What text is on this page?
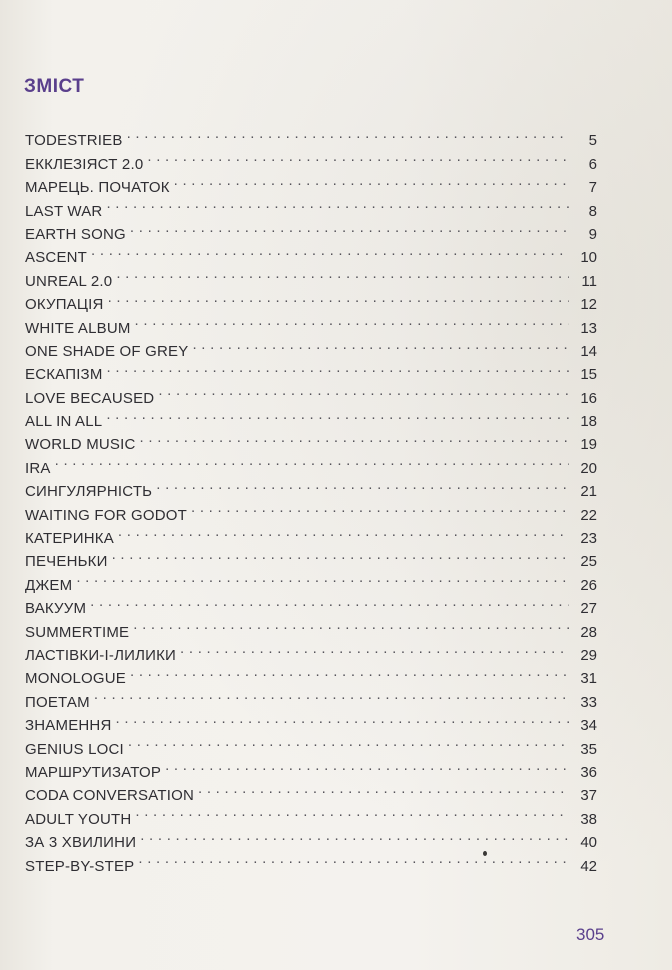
ЗМІСТ
TODESTRIEB . . .	5
ЕККЛЕЗІЯСТ 2.0 . . .	6
МАРЕЦЬ. ПОЧАТОК . . .	7
LAST WAR . . .	8
EARTH SONG . . .	9
ASCENT . . .	10
UNREAL 2.0 . . .	11
ОКУПАЦІЯ . . .	12
WHITE ALBUM . . .	13
ONE SHADE OF GREY . . .	14
ЕСКАПІЗМ . . .	15
LOVE BECAUSED . . .	16
ALL IN ALL . . .	18
WORLD MUSIC . . .	19
IRA . . .	20
СИНГУЛЯРНІСТЬ . . .	21
WAITING FOR GODOT . . .	22
КАТЕРИНКА . . .	23
ПЕЧЕНЬКИ . . .	25
ДЖЕМ . . .	26
ВАКУУМ . . .	27
SUMMERTIME . . .	28
ЛАСТІВКИ-І-ЛИЛИКИ . . .	29
MONOLOGUE . . .	31
ПОЕТАМ . . .	33
ЗНАМЕННЯ . . .	34
GENIUS LOCI . . .	35
МАРШРУТИЗАТОР . . .	36
CODA CONVERSATION . . .	37
ADULT YOUTH . . .	38
ЗА 3 ХВИЛИНИ . . .	40
STEP-BY-STEP . . .	42
305
